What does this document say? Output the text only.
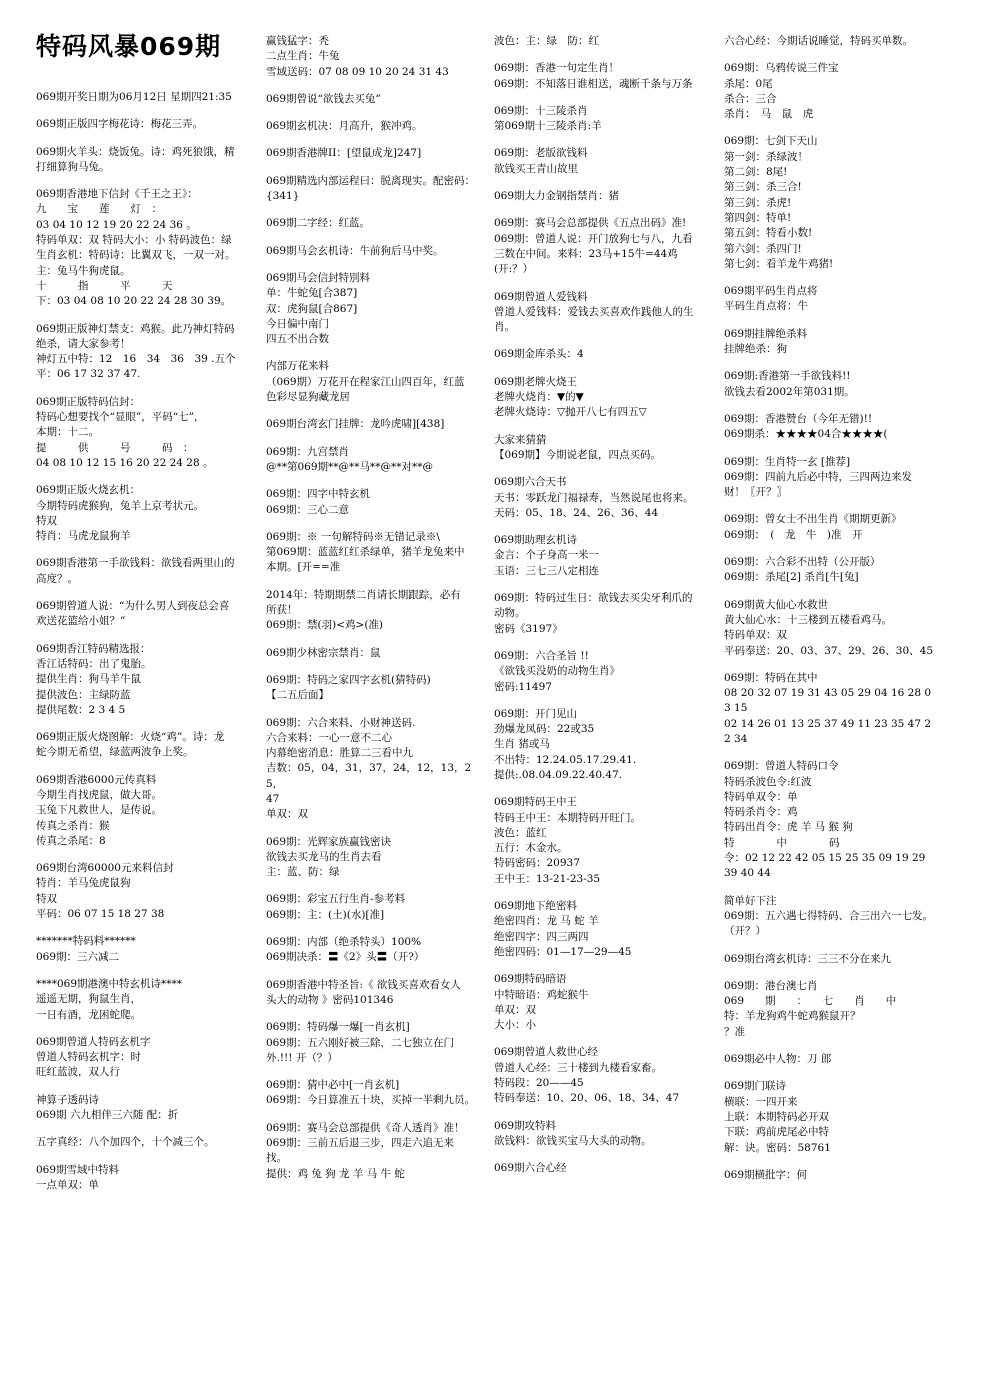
特码风暴069期
069期开奖日期为06月12日 星期四21:35
069期正版四字梅花诗：梅花三弄。
069期火羊头：烧饭兔。诗：鸡死狼饿，精
打细算狗马兔。
069期香港地下信封《千王之王》：
九　　宝　　莲　　灯　：
03 04 10 12 19 20 22 24 36 。
特码单双：双 特码大小：小 特码波色：绿
生肖玄机：特码诗：比翼双飞，一双一对。
主：兔马牛狗虎鼠。
十　　　指　　　平　　　天
下：03 04 08 10 20 22 24 28 30 39。
069期正版神灯禁支：鸡猴。此乃神灯特码
绝杀，请大家参考！
神灯五中特：12　16　34　36　39 .五个
平：06 17 32 37 47.
069期正版特码信封：
特码心想要找个“显眼”，平码“七”，
本期：十二。
提　　　供　　　号　　　码　：
04 08 10 12 15 16 20 22 24 28 。
069期正版火烧玄机：
今期特码虎猴狗，兔羊上京考状元。
特双
特肖：马虎龙鼠狗羊
069期香港第一手欲钱料：欲钱看两里山的
高度？。
069期曾道人说：“为什么男人到夜总会喜
欢送花篮给小姐？”
069期香江特码精选报：
香江话特码：出了鬼胎。
提供生肖：狗马羊牛鼠
提供波色：主绿防蓝
提供尾数：2 3 4 5
069期正版火烧图解：火烧“鸡”。诗：龙
蛇今期无希望，绿蓝两波争上奖。
069期香港6000元传真料
今期生肖找虎鼠，做大哥。
玉兔下凡救世人，是传说。
传真之杀肖：猴
传真之杀尾：8
069期台湾60000元来料信封
特肖：羊马兔虎鼠狗
特双
平码：06 07 15 18 27 38
*******特码料******
069期：三六减二
****069期港澳中特玄机诗****
遥遥无期，狗鼠生肖，
一日有酒，龙困蛇爬。
069期曾道人特码玄机字
曾道人特码玄机字：时
旺红蓝波，双人行
神算子透码诗
069期 六九相伴三六随 配：折
五字真经：八个加四个，十个减三个。
069期雪域中特料
一点单双：单
赢钱猛字：秃
二点生肖：牛兔
雪域送码：07 08 09 10 20 24 31 43
069期曾说“欲钱去买兔”
069期玄机决：月高升，猴冲鸡。
069期香港牌II：[望鼠成龙]247]
069期精选内部运程曰：脱离现实。配密码：
{341}
069期二字经：红蓝。
069期马会玄机诗：牛前狗后马中奖。
069期马会信封特别料
单：牛蛇兔[合387]
双：虎狗鼠[合867]
今日偏中南门
四五不出合数
内部万花来料
（069期）万花开在程家江山四百年，红蓝
色彩尽显狗藏龙居
069期台湾玄门挂牌：龙吟虎啸][438]
069期：九宫禁肖
@**第069期**@**马**@**对**@
069期：四字中特玄机
069期：三心二意
069期：※ 一句解特码※无错记录※\
第069期：蓝蓝红红杀绿单，猪羊龙兔来中
本期。[开==准
2014年：特期期禁二肖请长期跟踪，必有
所获！
069期：禁(羽)<鸡>(准)
069期少林密宗禁肖：鼠
069期：特码之家四字玄机(猜特码)
【二五后面】
069期：六合来料、小财神送码.
六合来料：一心一意不二心
内幕绝密消息：胜算二三看中九
吉数：05，04，31，37，24，12，13，25，
47
单双：双
069期：光辉家族赢钱密诀
欲钱去买龙马的生肖去看
主：蓝、防：绿
069期：彩宝五行生肖-参考料
069期：主：(土)(水)[准]
069期：内部（绝杀特头）100%
069期决杀：〓《2》头〓（开?）
069期香港中特圣旨:《 欲钱买喜欢看女人
头大的动物 》密码101346
069期：特码爆一爆[一肖玄机]
069期：五六刚好被三除，二七独立在门
外.!!! 开（？）
069期：猜中必中[一肖玄机]
069期：今日算准五十块，买掉一半剩九员。
069期：赛马会总部提供《奇人透肖》准！
069期：三前五后退三步，四走六追无来
找。
提供：鸡 兔 狗 龙 羊 马 牛 蛇
波色：主：绿　防：红
069期：香港一句定生肖！
069期：不知落日谁相送，魂断千条与万条
069期：十三陵杀肖
第069期十三陵杀肖:羊
069期：老版欲钱料
欲钱买王青山故里
069期大力金钢指禁肖：猪
069期：赛马会总部提供《五点出码》准!
069期：曾道人说：开门放狗七与八，九看
三数在中间。来料：23马+15牛=44鸡
(开:？）
069期曾道人爱钱料
曾道人爱钱料：爱钱去买喜欢作践他人的生
肖。
069期金库杀头：4
069期老牌火烧王
老牌火烧肖：▼的▼
老牌火烧诗：▽抛开八七有四五▽
大家来猜猜
【069期】今期说老鼠，四点买码。
069期六合天书
天书：零跃龙门福禄寿，当然说尾也将来。
天码：05、18、24、26、36、44
069期助理玄机诗
金言：个子身高一米一
玉语：三七三八定相连
069期：特码过生日：欲钱去买尖牙利爪的
动物。
密码《3197》
069期：六合圣旨 !!
《欲钱买没奶的动物生肖》
密码:11497
069期：开门见山
劲爆龙凤码：22或35
生肖 猪或马
不出特：12.24.05.17.29.41.
提供:.08.04.09.22.40.47.
069期特码王中王
特码王中王：本期特码开旺门。
波色：蓝红
五行：木金水。
特码密码：20937
王中王：13-21-23-35
069期地下绝密料
绝密四肖：龙 马 蛇 羊
绝密四字：四三两四
绝密四码：01—17—29—45
069期特码暗语
中特暗语：鸡蛇猴牛
单双：双
大小：小
069期曾道人救世心经
曾道人心经：三十楼到九楼看家畜。
特码段：20——45
特码奉送：10、20、06、18、34、47
069期攻特料
欲钱料：欲钱买宝马大头的动物。
069期六合心经
六合心经：今期话说睡觉，特码买单数。
069期：乌鸦传说三件宝
杀尾：0尾
杀合：三合
杀肖：　马　鼠　虎
069期：七剑下天山
第一剑：杀绿波！
第二剑：8尾!
第三剑：杀三合!
第三剑：杀虎!
第四剑：特单!
第五剑：特看小数!
第六剑：杀四门!
第七剑：看羊龙牛鸡猪!
069期平码生肖点将
平码生肖点将：牛
069期挂牌绝杀料
挂牌绝杀：狗
069期:香港第一手欲钱料!!
欲钱去看2002年第031期。
069期：香港赞台（今年无错)!!
069期杀：★★★★04合★★★★(
069期：生肖特一玄 [推荐]
069期：四前九后必中特，三四两边来发
财！〖开？〗
069期：曾女士不出生肖《期期更新》
069期：　(　龙　牛　)准　开
069期：六合彩不出特（公开版）
069期：杀尾[2] 杀肖[牛[兔]
069期黄大仙心水救世
黄大仙心水：十三楼到五楼看鸡马。
特码单双：双
平码奉送：20、03、37、29、26、30、45
069期：特码在其中
08 20 32 07 19 31 43 05 29 04 16 28 0
3 15
02 14 26 01 13 25 37 49 11 23 35 47 2
2 34
069期：曾道人特码口令
特码杀波色令:红波
特码单双令：单
特码杀肖令：鸡
特码出肖令：虎 羊 马 猴 狗
特　　　　中　　　　码
令：02 12 22 42 05 15 25 35 09 19 29
39 40 44
简单好下注
069期：五六遇七得特码、合三出六一七发。
（开？）
069期台湾玄机诗：三三不分在来九
069期：港台澳七肖
069　　期　　：　　七　　肖　　中
特：羊龙狗鸡牛蛇鸡猴鼠开？
？准
069期必中人物：刀 郎
069期门联诗
横联：一四开来
上联：本期特码必开双
下联：鸡前虎尾必中特
解：诀。密码：58761
069期横批字：何
